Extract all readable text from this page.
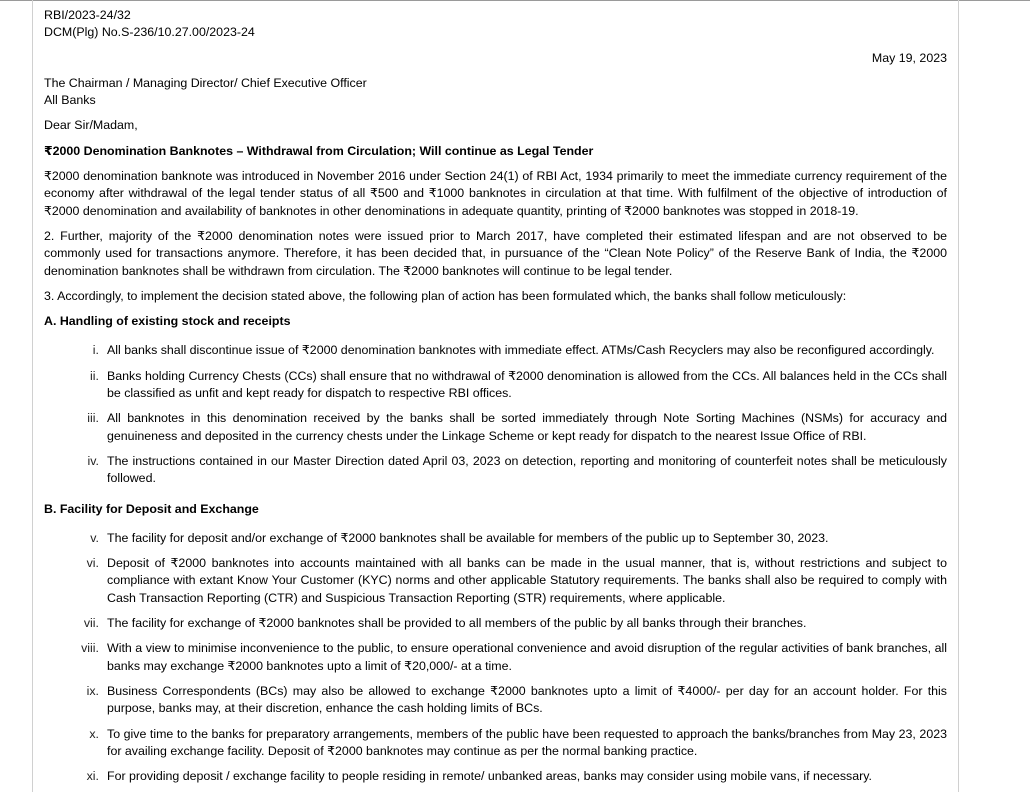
RBI/2023-24/32

DCM(Plg) No.S-236/10.27.00/2023-24

May 19, 2023

The Chairman / Managing Director/ Chief Executive Officer

All Banks

Dear Sir/Madam,

₹2000 Denomination Banknotes – Withdrawal from Circulation; Will continue as Legal Tender

₹2000 denomination banknote was introduced in November 2016 under Section 24(1) of RBI Act, 1934 primarily to meet the immediate currency requirement of the economy after withdrawal of the legal tender status of all ₹500 and ₹1000 banknotes in circulation at that time. With fulfilment of the objective of introduction of ₹2000 denomination and availability of banknotes in other denominations in adequate quantity, printing of ₹2000 banknotes was stopped in 2018-19.

2. Further, majority of the ₹2000 denomination notes were issued prior to March 2017, have completed their estimated lifespan and are not observed to be commonly used for transactions anymore. Therefore, it has been decided that, in pursuance of the “Clean Note Policy” of the Reserve Bank of India, the ₹2000 denomination banknotes shall be withdrawn from circulation. The ₹2000 banknotes will continue to be legal tender.

3. Accordingly, to implement the decision stated above, the following plan of action has been formulated which, the banks shall follow meticulously:

A. Handling of existing stock and receipts

i. All banks shall discontinue issue of ₹2000 denomination banknotes with immediate effect. ATMs/Cash Recyclers may also be reconfigured accordingly.
ii. Banks holding Currency Chests (CCs) shall ensure that no withdrawal of ₹2000 denomination is allowed from the CCs. All balances held in the CCs shall be classified as unfit and kept ready for dispatch to respective RBI offices.
iii. All banknotes in this denomination received by the banks shall be sorted immediately through Note Sorting Machines (NSMs) for accuracy and genuineness and deposited in the currency chests under the Linkage Scheme or kept ready for dispatch to the nearest Issue Office of RBI.
iv. The instructions contained in our Master Direction dated April 03, 2023 on detection, reporting and monitoring of counterfeit notes shall be meticulously followed.

B. Facility for Deposit and Exchange

v. The facility for deposit and/or exchange of ₹2000 banknotes shall be available for members of the public up to September 30, 2023.
vi. Deposit of ₹2000 banknotes into accounts maintained with all banks can be made in the usual manner, that is, without restrictions and subject to compliance with extant Know Your Customer (KYC) norms and other applicable Statutory requirements. The banks shall also be required to comply with Cash Transaction Reporting (CTR) and Suspicious Transaction Reporting (STR) requirements, where applicable.
vii. The facility for exchange of ₹2000 banknotes shall be provided to all members of the public by all banks through their branches.
viii. With a view to minimise inconvenience to the public, to ensure operational convenience and avoid disruption of the regular activities of bank branches, all banks may exchange ₹2000 banknotes upto a limit of ₹20,000/- at a time.
ix. Business Correspondents (BCs) may also be allowed to exchange ₹2000 banknotes upto a limit of ₹4000/- per day for an account holder. For this purpose, banks may, at their discretion, enhance the cash holding limits of BCs.
x. To give time to the banks for preparatory arrangements, members of the public have been requested to approach the banks/branches from May 23, 2023 for availing exchange facility. Deposit of ₹2000 banknotes may continue as per the normal banking practice.
xi. For providing deposit / exchange facility to people residing in remote/ unbanked areas, banks may consider using mobile vans, if necessary.
